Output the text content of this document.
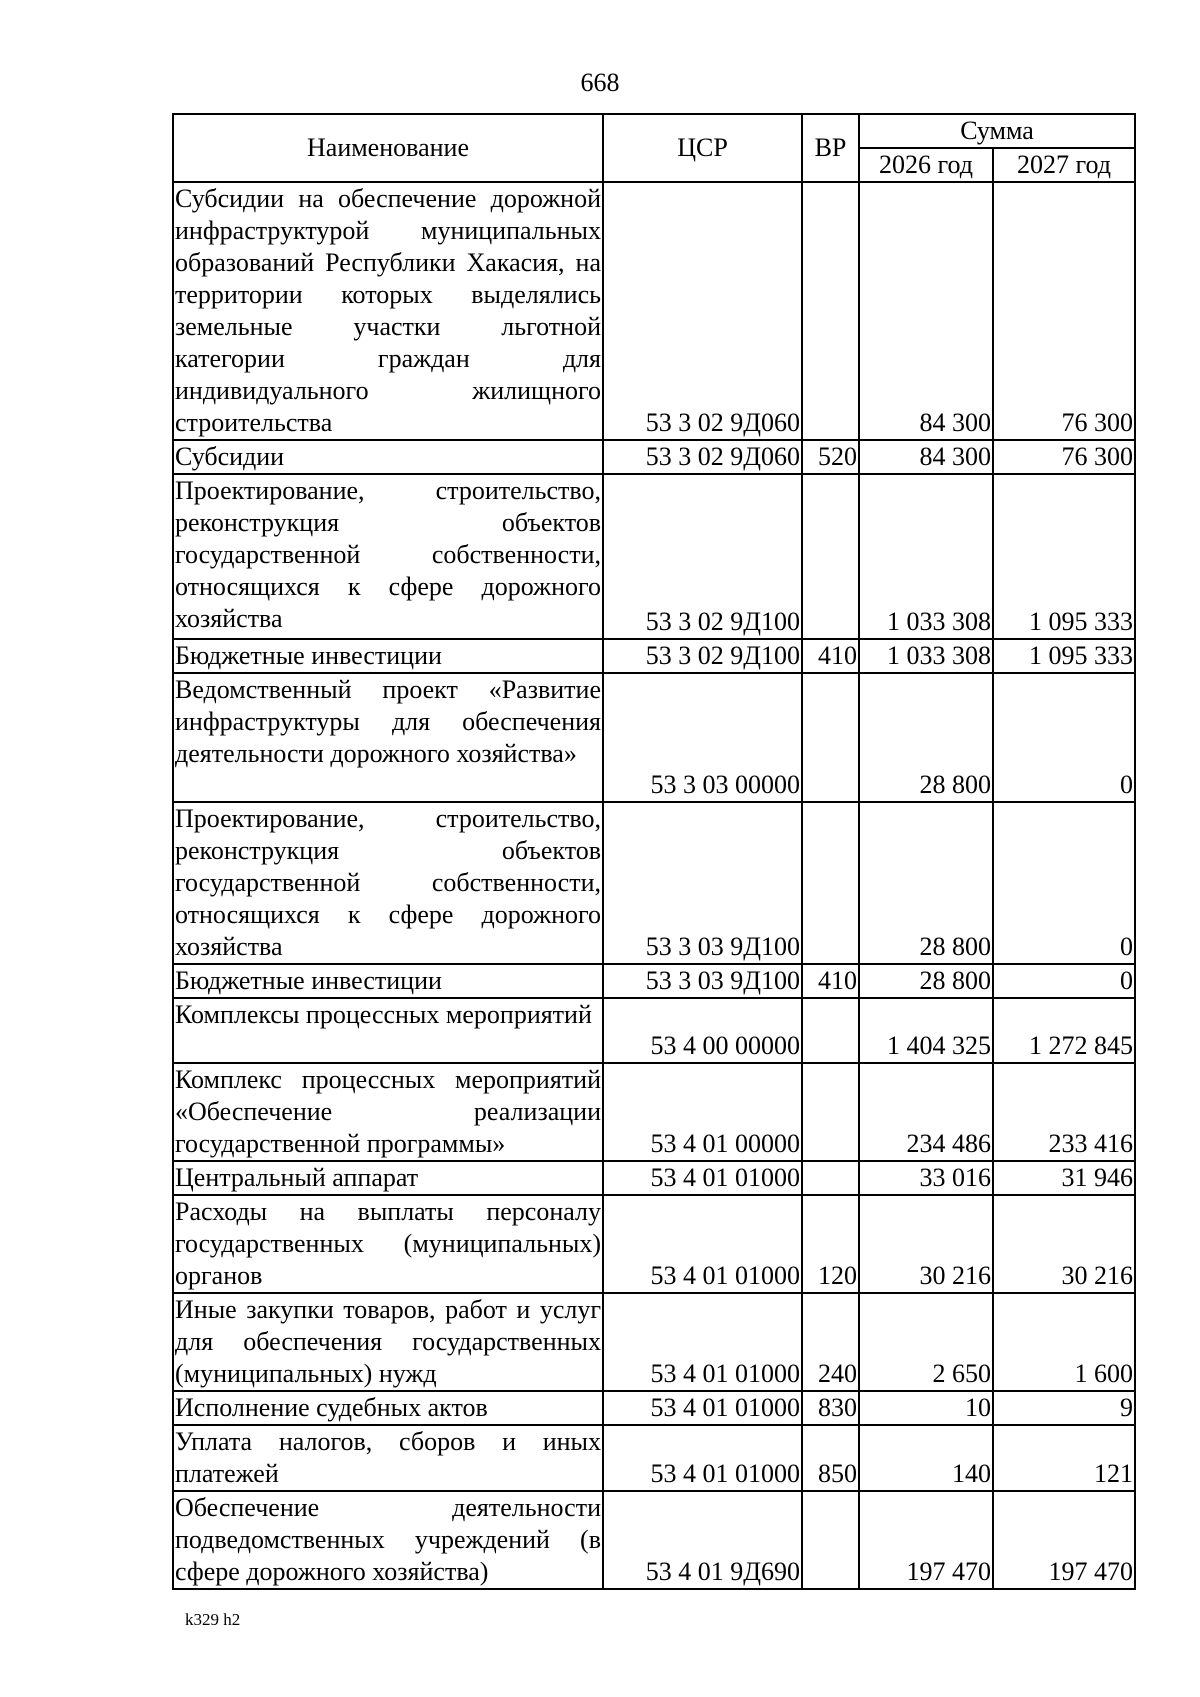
668
Наименование	ЦСР	ВР	Сумма	
			2026 год	2027 год
Субсидии на обеспечение дорожной инфраструктурой муниципальных образований Республики Хакасия, на территории которых выделялись земельные участки льготной категории граждан для индивидуального жилищного строительства	53 3 02 9Д060		84 300	76 300
Субсидии	53 3 02 9Д060	520	84 300	76 300
Проектирование, строительство, реконструкция объектов государственной собственности, относящихся к сфере дорожного хозяйства	53 3 02 9Д100		1 033 308	1 095 333
Бюджетные инвестиции	53 3 02 9Д100	410	1 033 308	1 095 333
Ведомственный проект «Развитие инфраструктуры для обеспечения деятельности дорожного хозяйства»	53 3 03 00000		28 800	0
Проектирование, строительство, реконструкция объектов государственной собственности, относящихся к сфере дорожного хозяйства	53 3 03 9Д100		28 800	0
Бюджетные инвестиции	53 3 03 9Д100	410	28 800	0
Комплексы процессных мероприятий	53 4 00 00000		1 404 325	1 272 845
Комплекс процессных мероприятий «Обеспечение реализации государственной программы»	53 4 01 00000		234 486	233 416
Центральный аппарат	53 4 01 01000		33 016	31 946
Расходы на выплаты персоналу государственных (муниципальных) органов	53 4 01 01000	120	30 216	30 216
Иные закупки товаров, работ и услуг для обеспечения государственных (муниципальных) нужд	53 4 01 01000	240	2 650	1 600
Исполнение судебных актов	53 4 01 01000	830	10	9
Уплата налогов, сборов и иных платежей	53 4 01 01000	850	140	121
Обеспечение деятельности подведомственных учреждений (в сфере дорожного хозяйства)	53 4 01 9Д690		197 470	197 470
k329 h2
